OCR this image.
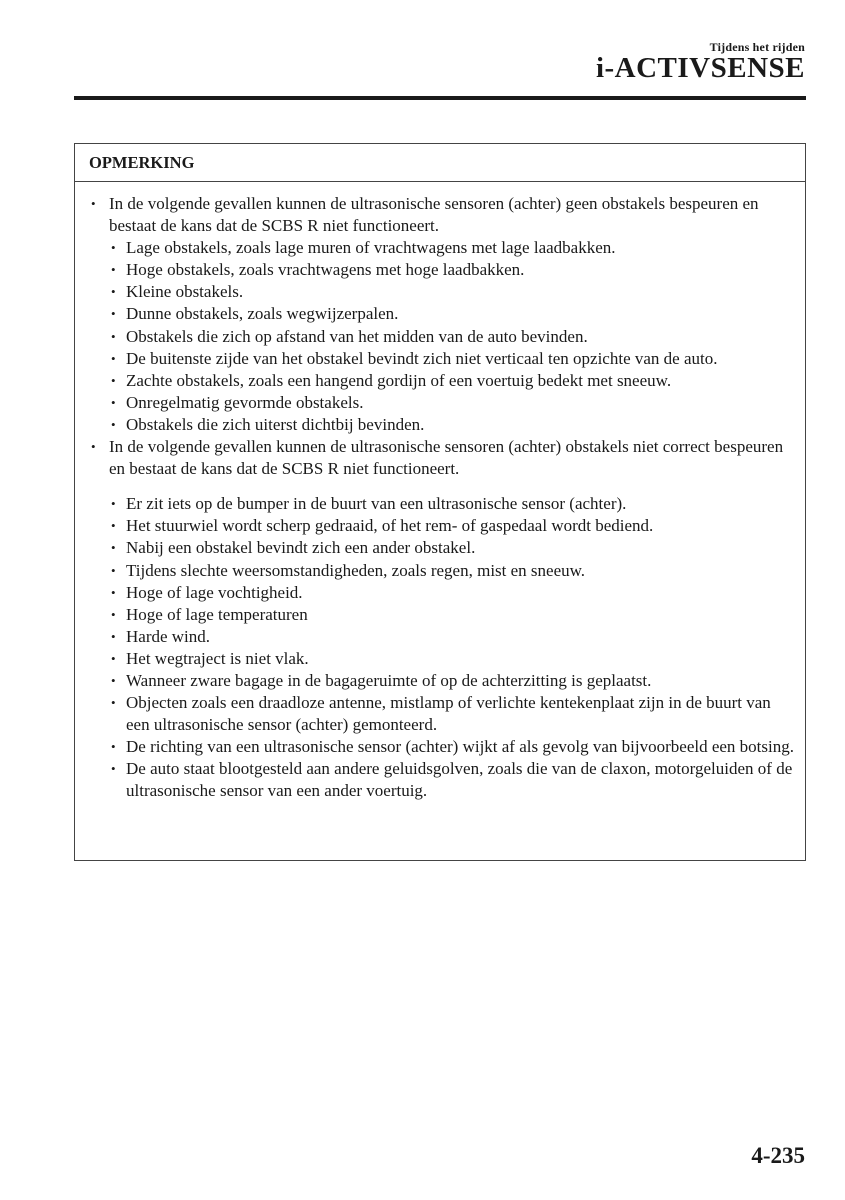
Tijdens het rijden
i-ACTIVSENSE
OPMERKING
• In de volgende gevallen kunnen de ultrasonische sensoren (achter) geen obstakels bespeuren en bestaat de kans dat de SCBS R niet functioneert.
• Lage obstakels, zoals lage muren of vrachtwagens met lage laadbakken.
• Hoge obstakels, zoals vrachtwagens met hoge laadbakken.
• Kleine obstakels.
• Dunne obstakels, zoals wegwijzerpalen.
• Obstakels die zich op afstand van het midden van de auto bevinden.
• De buitenste zijde van het obstakel bevindt zich niet verticaal ten opzichte van de auto.
• Zachte obstakels, zoals een hangend gordijn of een voertuig bedekt met sneeuw.
• Onregelmatig gevormde obstakels.
• Obstakels die zich uiterst dichtbij bevinden.
• In de volgende gevallen kunnen de ultrasonische sensoren (achter) obstakels niet correct bespeuren en bestaat de kans dat de SCBS R niet functioneert.
• Er zit iets op de bumper in de buurt van een ultrasonische sensor (achter).
• Het stuurwiel wordt scherp gedraaid, of het rem- of gaspedaal wordt bediend.
• Nabij een obstakel bevindt zich een ander obstakel.
• Tijdens slechte weersomstandigheden, zoals regen, mist en sneeuw.
• Hoge of lage vochtigheid.
• Hoge of lage temperaturen
• Harde wind.
• Het wegtraject is niet vlak.
• Wanneer zware bagage in de bagageruimte of op de achterzitting is geplaatst.
• Objecten zoals een draadloze antenne, mistlamp of verlichte kentekenplaat zijn in de buurt van een ultrasonische sensor (achter) gemonteerd.
• De richting van een ultrasonische sensor (achter) wijkt af als gevolg van bijvoorbeeld een botsing.
• De auto staat blootgesteld aan andere geluidsgolven, zoals die van de claxon, motorgeluiden of de ultrasonische sensor van een ander voertuig.
4-235
